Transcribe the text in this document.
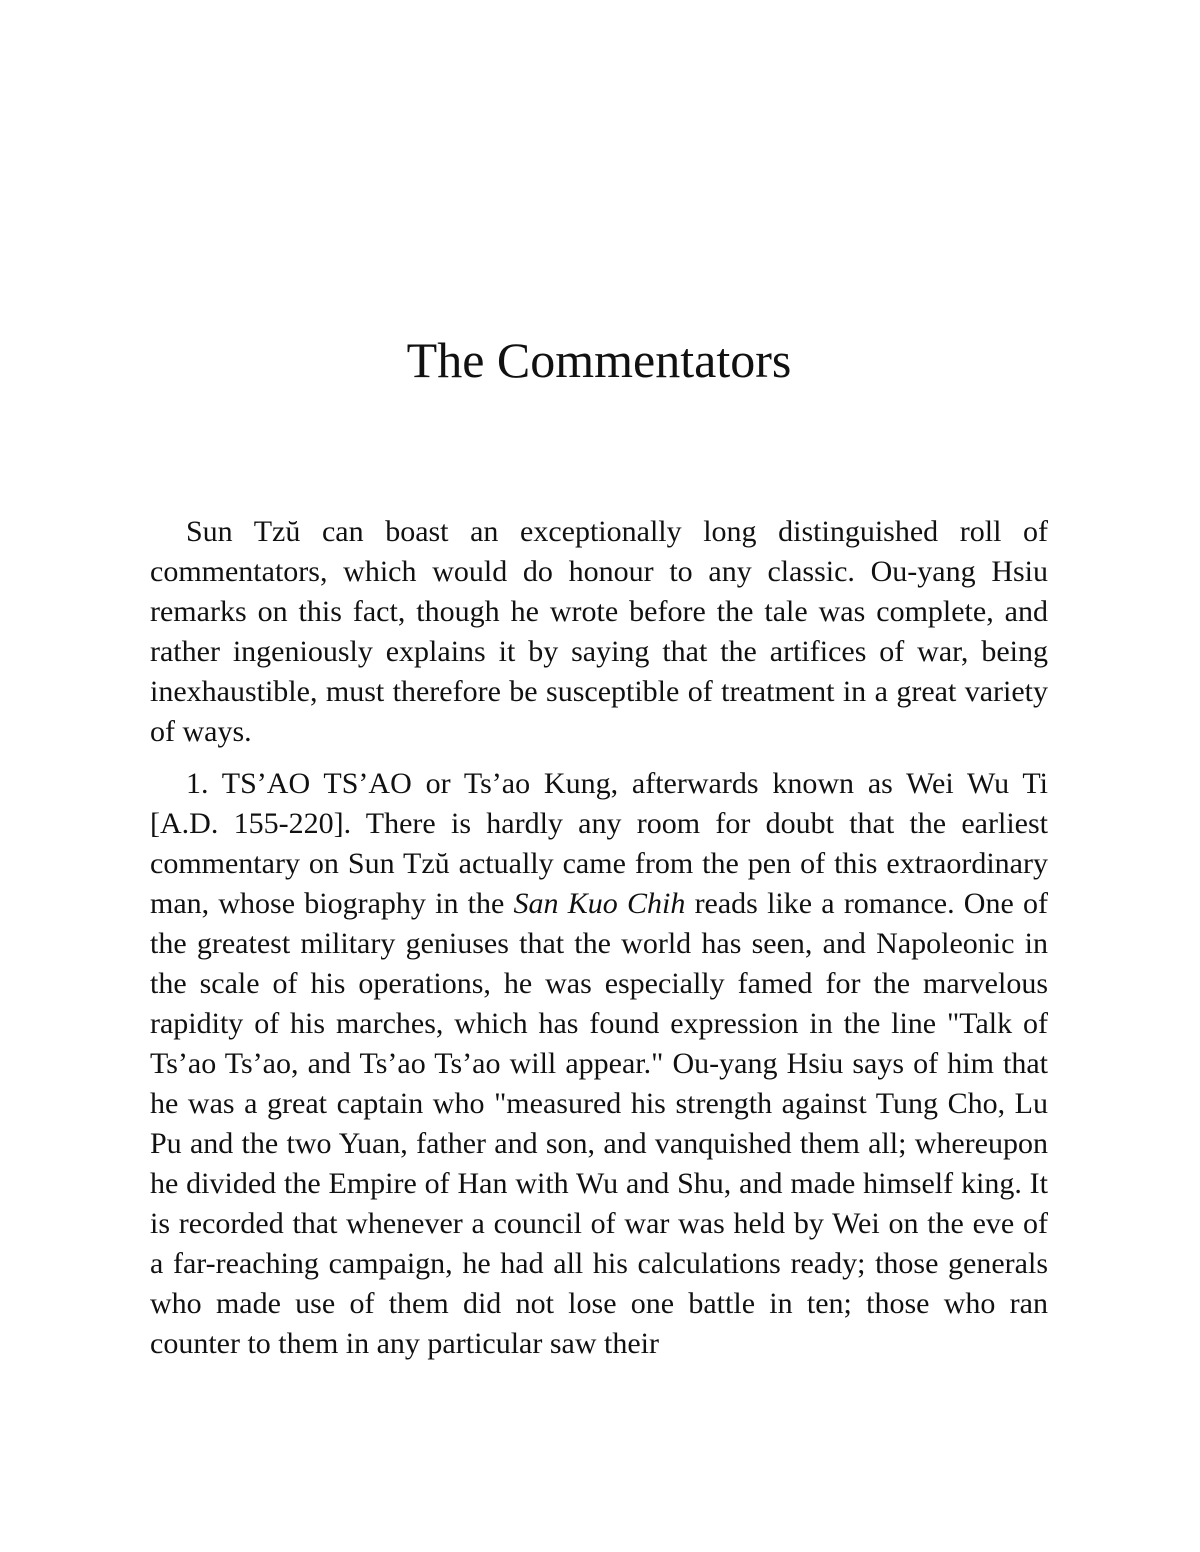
The Commentators

Sun Tzŭ can boast an exceptionally long distinguished roll of commentators, which would do honour to any classic. Ou-yang Hsiu remarks on this fact, though he wrote before the tale was complete, and rather ingeniously explains it by saying that the artifices of war, being inexhaustible, must therefore be susceptible of treatment in a great variety of ways.

1. TS’AO TS’AO or Ts’ao Kung, afterwards known as Wei Wu Ti [A.D. 155-220]. There is hardly any room for doubt that the earliest commentary on Sun Tzŭ actually came from the pen of this extraordinary man, whose biography in the San Kuo Chih reads like a romance. One of the greatest military geniuses that the world has seen, and Napoleonic in the scale of his operations, he was especially famed for the marvelous rapidity of his marches, which has found expression in the line "Talk of Ts’ao Ts’ao, and Ts’ao Ts’ao will appear." Ou-yang Hsiu says of him that he was a great captain who "measured his strength against Tung Cho, Lu Pu and the two Yuan, father and son, and vanquished them all; whereupon he divided the Empire of Han with Wu and Shu, and made himself king. It is recorded that whenever a council of war was held by Wei on the eve of a far-reaching campaign, he had all his calculations ready; those generals who made use of them did not lose one battle in ten; those who ran counter to them in any particular saw their
